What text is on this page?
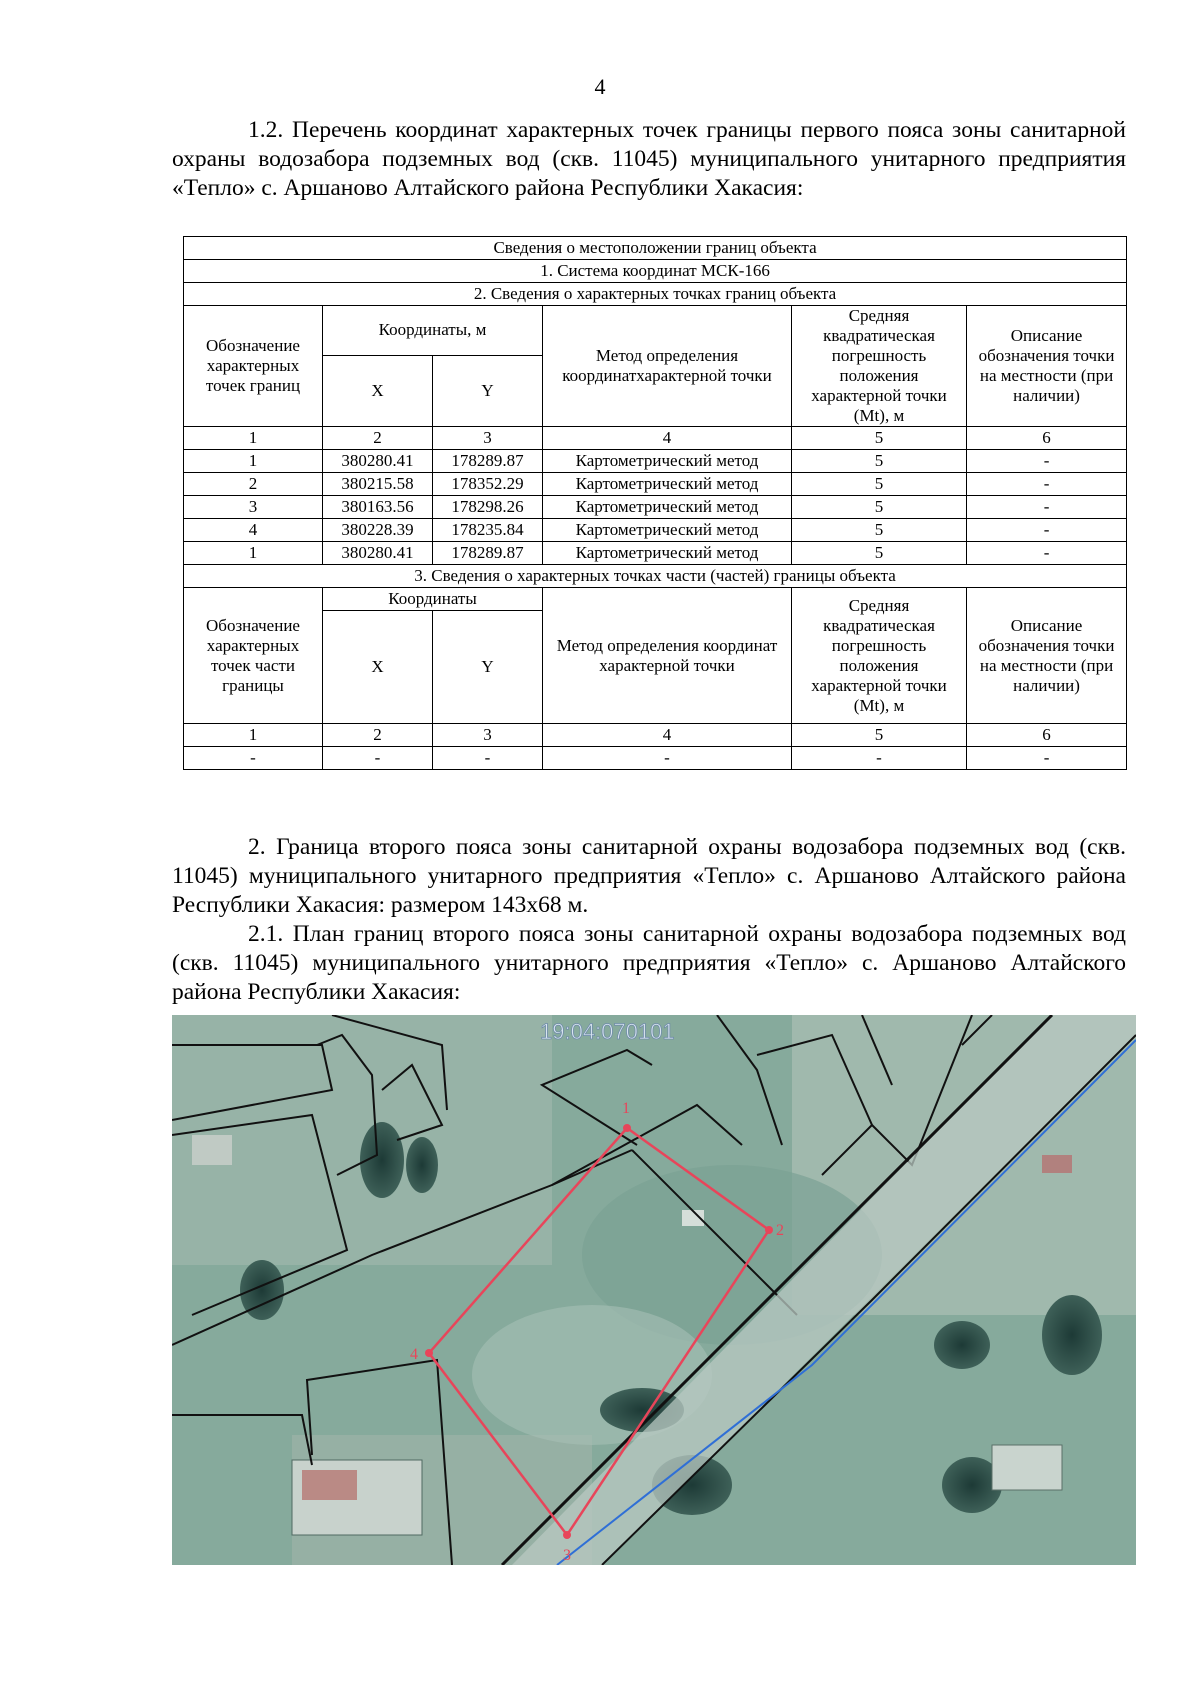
4

1.2. Перечень координат характерных точек границы первого пояса зоны санитарной охраны водозабора подземных вод (скв. 11045) муниципального унитарного предприятия «Тепло» с. Аршаново Алтайского района Республики Хакасия:

Сведения о местоположении границ объекта					
1. Система координат МСК-166					
2. Сведения о характерных точках границ объекта					
Обозначение характерных точек границ	Координаты, м		Метод определения координатхарактерной точки	Средняя квадратическая погрешность положения характерной точки (Mt), м	Описание обозначения точки на местности (при наличии)
	X	Y			
1	2	3	4	5	6
1	380280.41	178289.87	Картометрический метод	5	-
2	380215.58	178352.29	Картометрический метод	5	-
3	380163.56	178298.26	Картометрический метод	5	-
4	380228.39	178235.84	Картометрический метод	5	-
1	380280.41	178289.87	Картометрический метод	5	-
3. Сведения о характерных точках части (частей) границы объекта					
Обозначение характерных точек части границы	Координаты		Метод определения координат характерной точки	Средняя квадратическая погрешность положения характерной точки (Mt), м	Описание обозначения точки на местности (при наличии)
	X	Y			
1	2	3	4	5	6
-	-	-	-	-	-

2. Граница второго пояса зоны санитарной охраны водозабора подземных вод (скв. 11045) муниципального унитарного предприятия «Тепло» с. Аршаново Алтайского района Республики Хакасия: размером 143х68 м.

2.1. План границ второго пояса зоны санитарной охраны водозабора подземных вод (скв. 11045) муниципального унитарного предприятия «Тепло» с. Аршаново Алтайского района Республики Хакасия:

1
2
3
4
19:04:070101
